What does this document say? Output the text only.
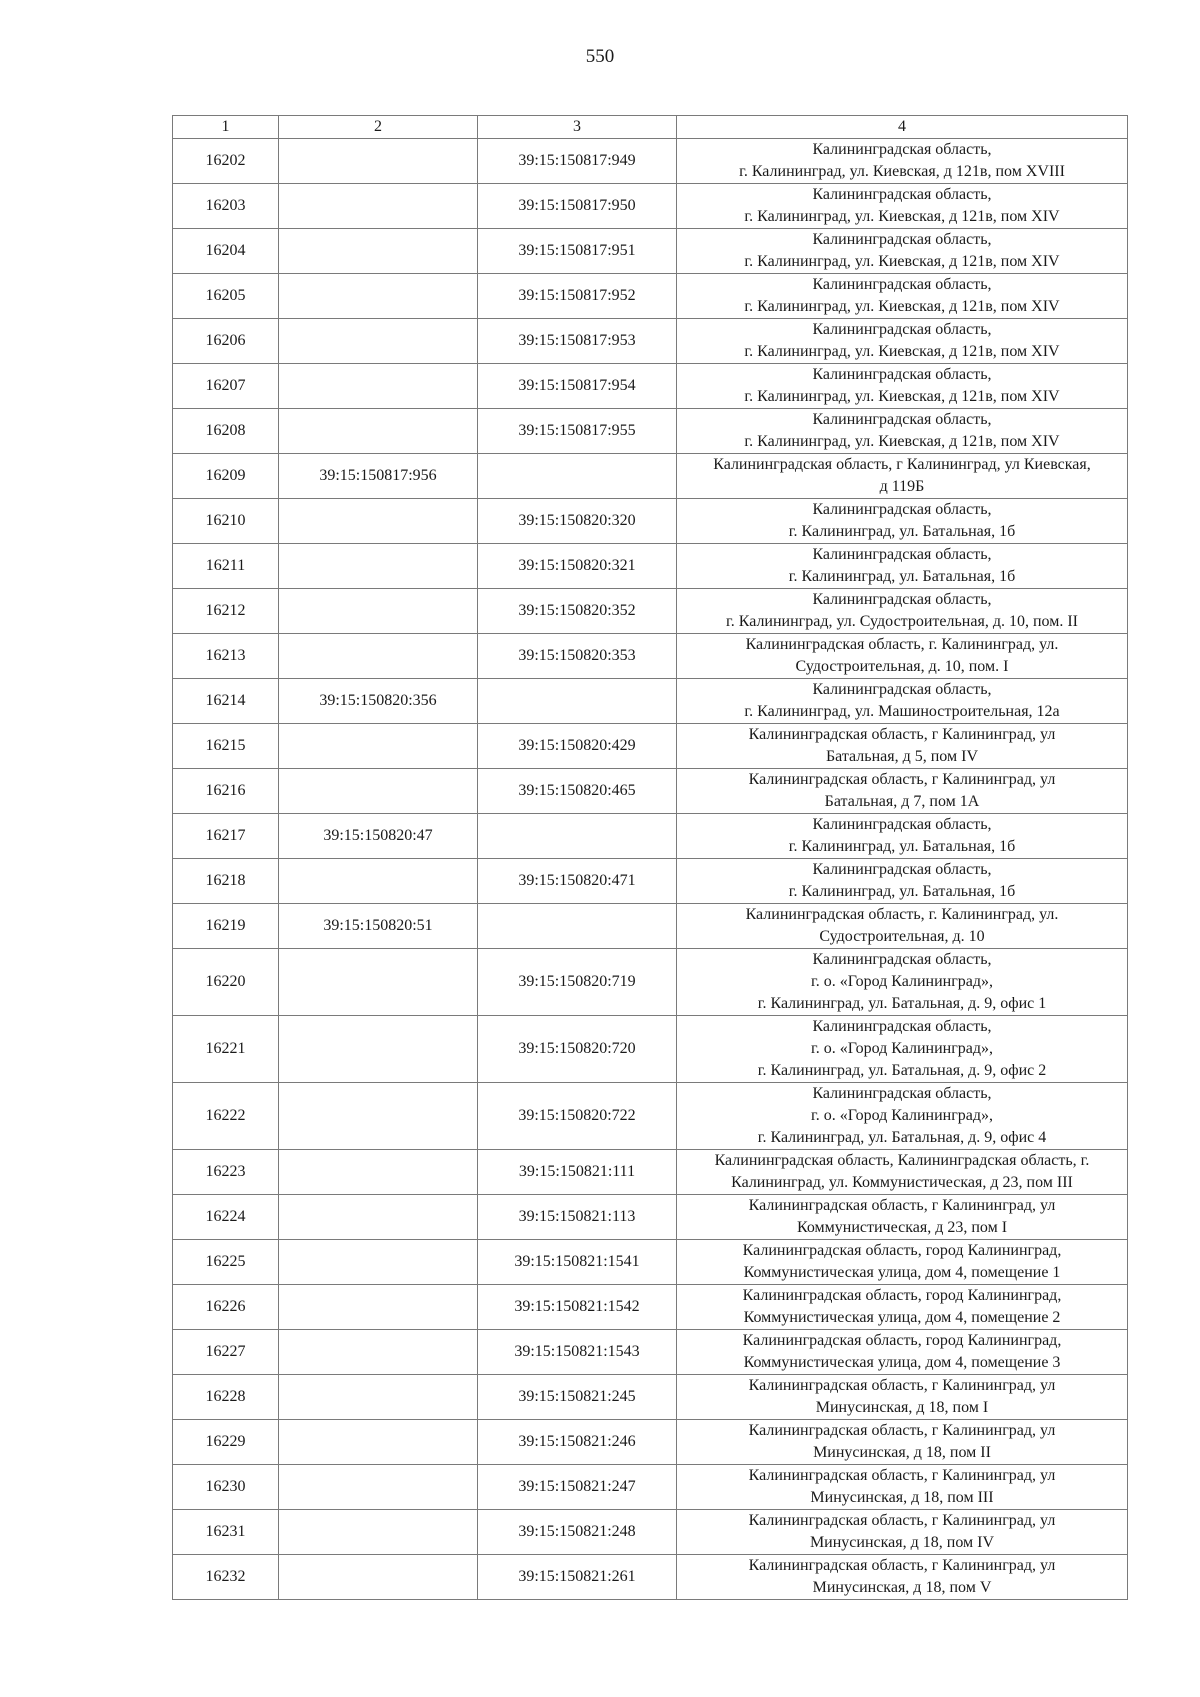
550
1	2	3	4
16202		39:15:150817:949	Калининградская область,
г. Калининград, ул. Киевская, д 121в, пом XVIII

16203		39:15:150817:950	Калининградская область,
г. Калининград, ул. Киевская, д 121в, пом XIV

16204		39:15:150817:951	Калининградская область,
г. Калининград, ул. Киевская, д 121в, пом XIV

16205		39:15:150817:952	Калининградская область,
г. Калининград, ул. Киевская, д 121в, пом XIV

16206		39:15:150817:953	Калининградская область,
г. Калининград, ул. Киевская, д 121в, пом XIV

16207		39:15:150817:954	Калининградская область,
г. Калининград, ул. Киевская, д 121в, пом XIV

16208		39:15:150817:955	Калининградская область,
г. Калининград, ул. Киевская, д 121в, пом XIV

16209	39:15:150817:956		Калининградская область, г Калининград, ул Киевская,
д 119Б

16210		39:15:150820:320	Калининградская область,
г. Калининград, ул. Батальная, 1б

16211		39:15:150820:321	Калининградская область,
г. Калининград, ул. Батальная, 1б

16212		39:15:150820:352	Калининградская область,
г. Калининград, ул. Судостроительная, д. 10, пом. II

16213		39:15:150820:353	Калининградская область, г. Калининград, ул.
Судостроительная, д. 10, пом. I

16214	39:15:150820:356		Калининградская область,
г. Калининград, ул. Машиностроительная, 12а

16215		39:15:150820:429	Калининградская область, г Калининград, ул
Батальная, д 5, пом IV

16216		39:15:150820:465	Калининградская область, г Калининград, ул
Батальная, д 7, пом 1А

16217	39:15:150820:47		Калининградская область,
г. Калининград, ул. Батальная, 1б

16218		39:15:150820:471	Калининградская область,
г. Калининград, ул. Батальная, 1б

16219	39:15:150820:51		Калининградская область, г. Калининград, ул.
Судостроительная, д. 10

16220		39:15:150820:719	Калининградская область,
г. о. «Город Калининград»,
г. Калининград, ул. Батальная, д. 9, офис 1

16221		39:15:150820:720	Калининградская область,
г. о. «Город Калининград»,
г. Калининград, ул. Батальная, д. 9, офис 2

16222		39:15:150820:722	Калининградская область,
г. о. «Город Калининград»,
г. Калининград, ул. Батальная, д. 9, офис 4

16223		39:15:150821:111	Калининградская область, Калининградская область, г.
Калининград, ул. Коммунистическая, д 23, пом III

16224		39:15:150821:113	Калининградская область, г Калининград, ул
Коммунистическая, д 23, пом I

16225		39:15:150821:1541	Калининградская область, город Калининград,
Коммунистическая улица, дом 4, помещение 1

16226		39:15:150821:1542	Калининградская область, город Калининград,
Коммунистическая улица, дом 4, помещение 2

16227		39:15:150821:1543	Калининградская область, город Калининград,
Коммунистическая улица, дом 4, помещение 3

16228		39:15:150821:245	Калининградская область, г Калининград, ул
Минусинская, д 18, пом I

16229		39:15:150821:246	Калининградская область, г Калининград, ул
Минусинская, д 18, пом II

16230		39:15:150821:247	Калининградская область, г Калининград, ул
Минусинская, д 18, пом III

16231		39:15:150821:248	Калининградская область, г Калининград, ул
Минусинская, д 18, пом IV

16232		39:15:150821:261	Калининградская область, г Калининград, ул
Минусинская, д 18, пом V
